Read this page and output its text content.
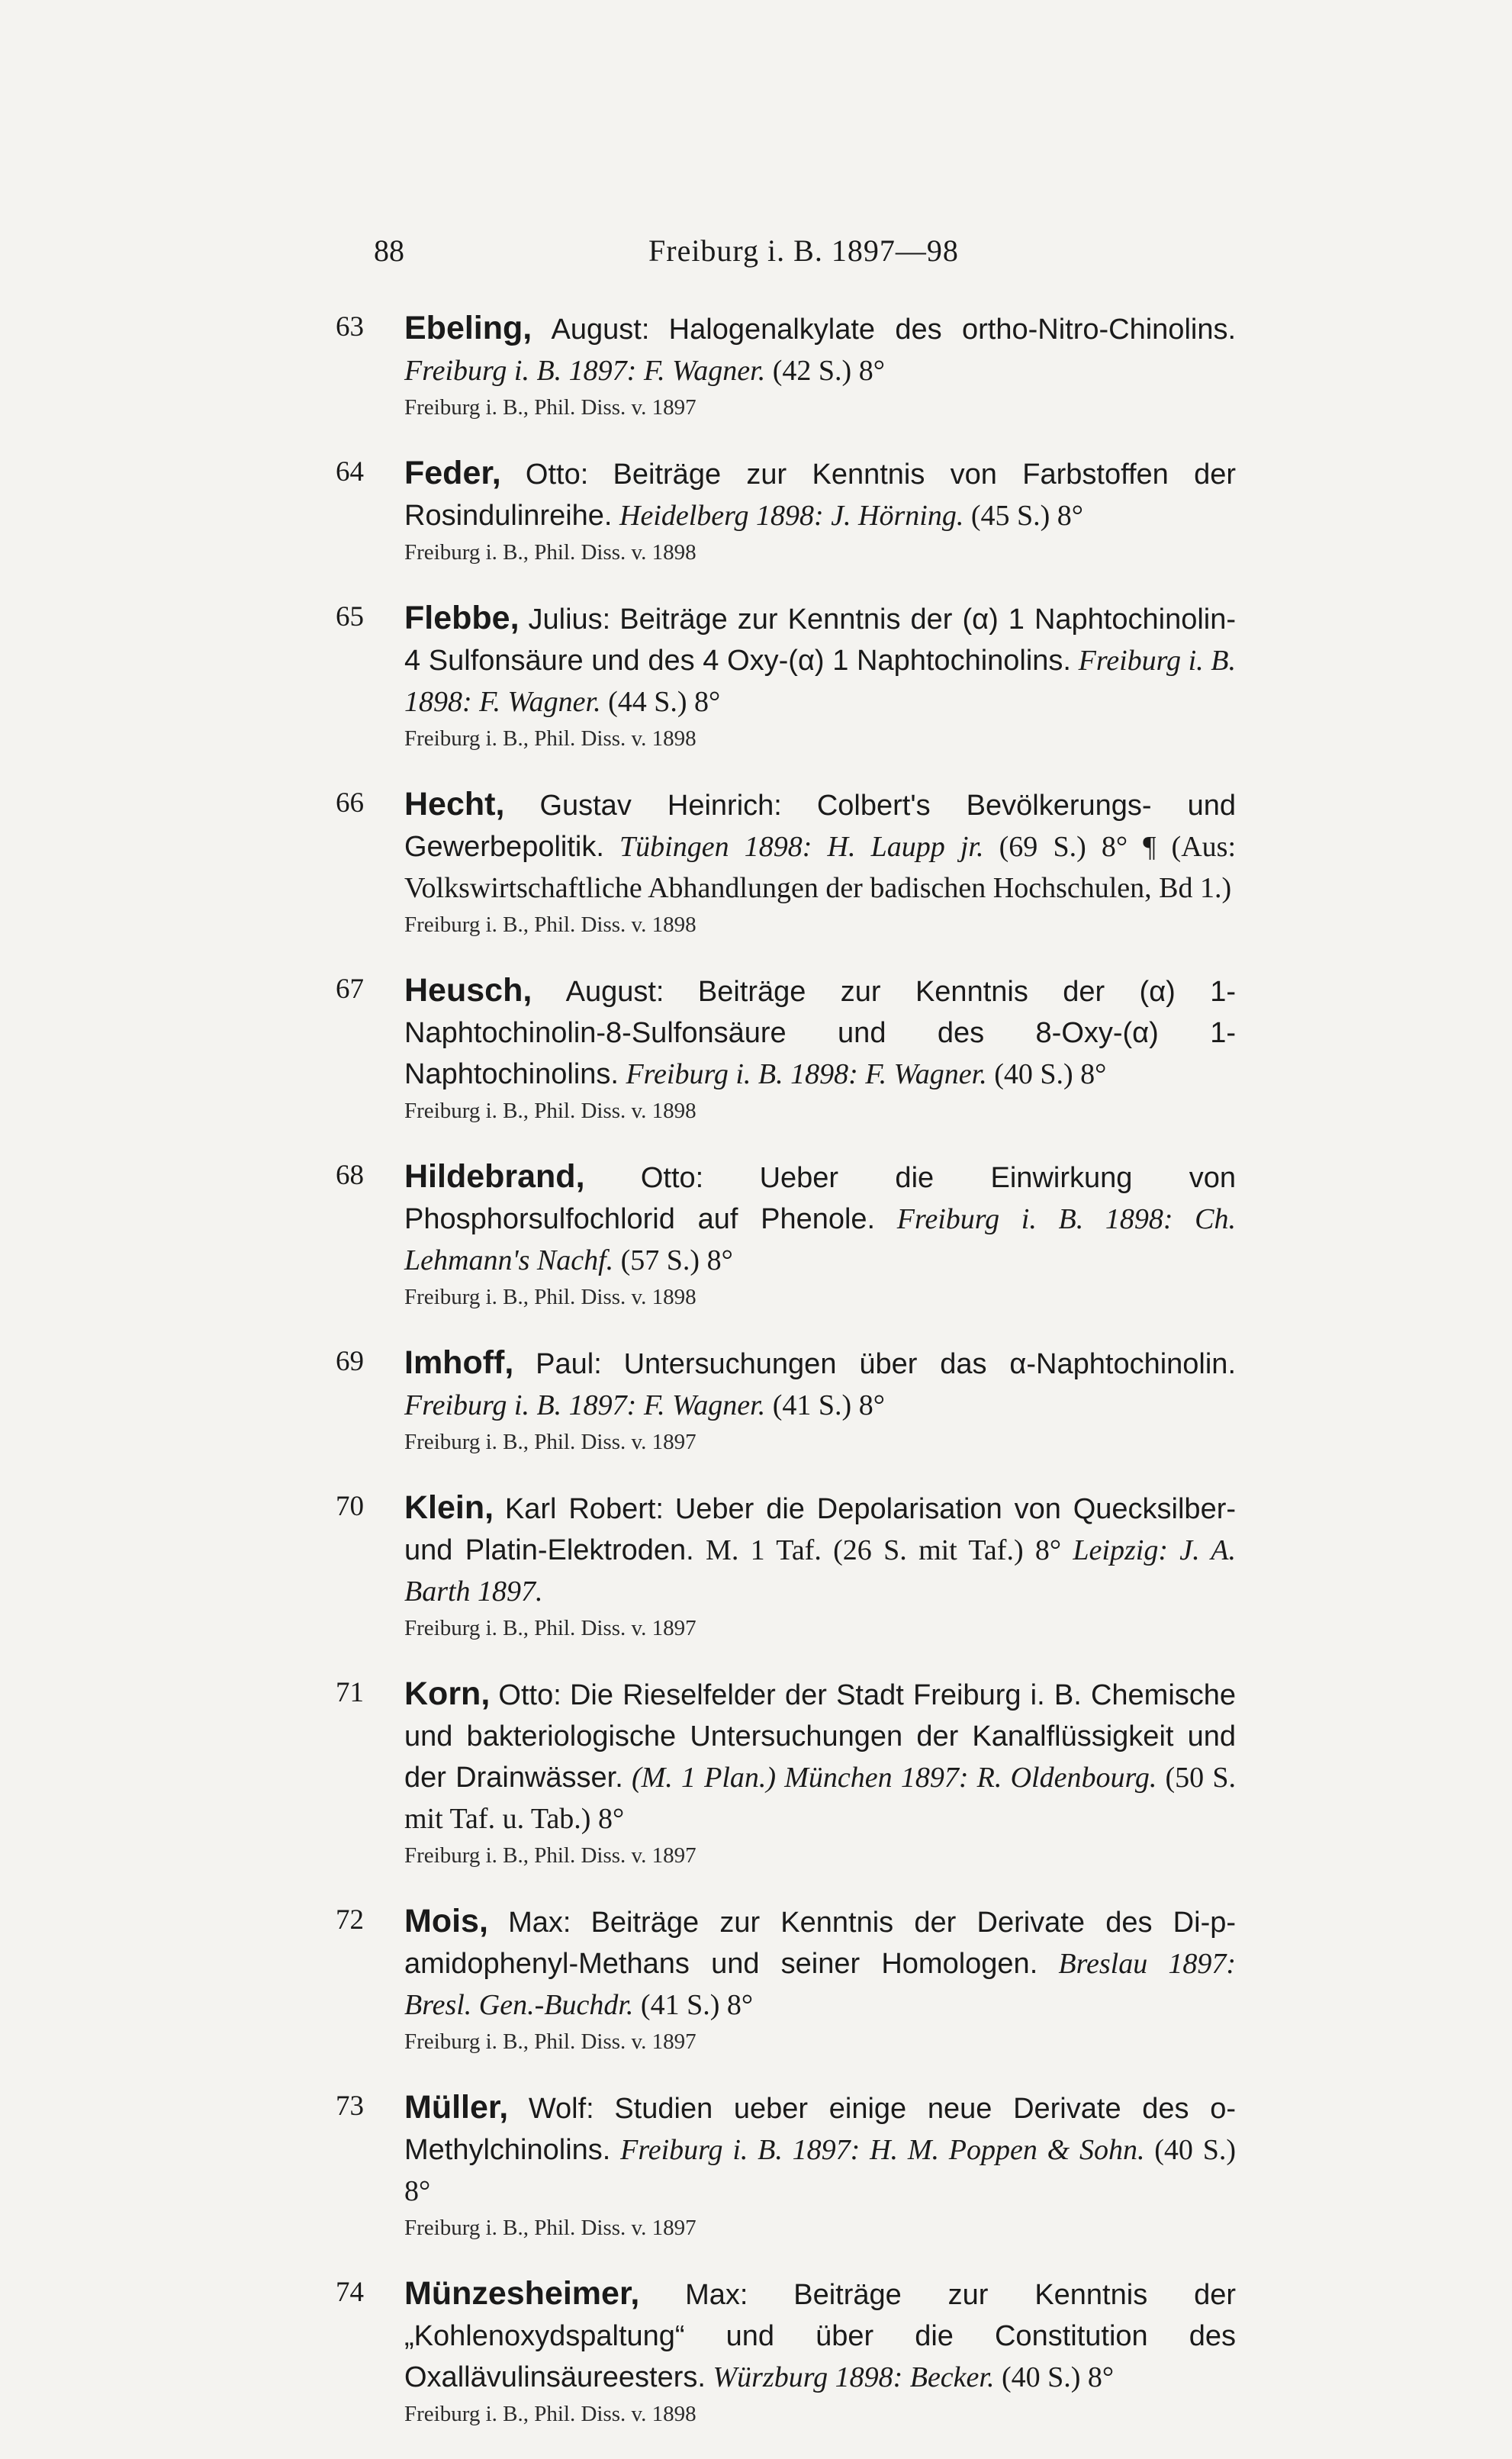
88	Freiburg i. B. 1897—98
63 Ebeling, August: Halogenalkylate des ortho-Nitro-Chinolins. Freiburg i. B. 1897: F. Wagner. (42 S.) 8°
Freiburg i. B., Phil. Diss. v. 1897
64 Feder, Otto: Beiträge zur Kenntnis von Farbstoffen der Rosindulinreihe. Heidelberg 1898: J. Hörning. (45 S.) 8°
Freiburg i. B., Phil. Diss. v. 1898
65 Flebbe, Julius: Beiträge zur Kenntnis der (α) 1 Naphtochinolin-4 Sulfonsäure und des 4 Oxy-(α) 1 Naphtochinolins. Freiburg i. B. 1898: F. Wagner. (44 S.) 8°
Freiburg i. B., Phil. Diss. v. 1898
66 Hecht, Gustav Heinrich: Colbert's Bevölkerungs- und Gewerbepolitik. Tübingen 1898: H. Laupp jr. (69 S.) 8° ¶ (Aus: Volkswirtschaftliche Abhandlungen der badischen Hochschulen, Bd 1.)
Freiburg i. B., Phil. Diss. v. 1898
67 Heusch, August: Beiträge zur Kenntnis der (α) 1-Naphtochinolin-8-Sulfonsäure und des 8-Oxy-(α) 1-Naphtochinolins. Freiburg i. B. 1898: F. Wagner. (40 S.) 8°
Freiburg i. B., Phil. Diss. v. 1898
68 Hildebrand, Otto: Ueber die Einwirkung von Phosphorsulfochlorid auf Phenole. Freiburg i. B. 1898: Ch. Lehmann's Nachf. (57 S.) 8°
Freiburg i. B., Phil. Diss. v. 1898
69 Imhoff, Paul: Untersuchungen über das α-Naphtochinolin. Freiburg i. B. 1897: F. Wagner. (41 S.) 8°
Freiburg i. B., Phil. Diss. v. 1897
70 Klein, Karl Robert: Ueber die Depolarisation von Quecksilber- und Platin-Elektroden. M. 1 Taf. (26 S. mit Taf.) 8° Leipzig: J. A. Barth 1897.
Freiburg i. B., Phil. Diss. v. 1897
71 Korn, Otto: Die Rieselfelder der Stadt Freiburg i. B. Chemische und bakteriologische Untersuchungen der Kanalflüssigkeit und der Drainwässer. (M. 1 Plan.) München 1897: R. Oldenbourg. (50 S. mit Taf. u. Tab.) 8°
Freiburg i. B., Phil. Diss. v. 1897
72 Mois, Max: Beiträge zur Kenntnis der Derivate des Di-p-amidophenyl-Methans und seiner Homologen. Breslau 1897: Bresl. Gen.-Buchdr. (41 S.) 8°
Freiburg i. B., Phil. Diss. v. 1897
73 Müller, Wolf: Studien ueber einige neue Derivate des o-Methylchinolins. Freiburg i. B. 1897: H. M. Poppen & Sohn. (40 S.) 8°
Freiburg i. B., Phil. Diss. v. 1897
74 Münzesheimer, Max: Beiträge zur Kenntnis der „Kohlenoxydspaltung“ und über die Constitution des Oxallävulinsäureesters. Würzburg 1898: Becker. (40 S.) 8°
Freiburg i. B., Phil. Diss. v. 1898
